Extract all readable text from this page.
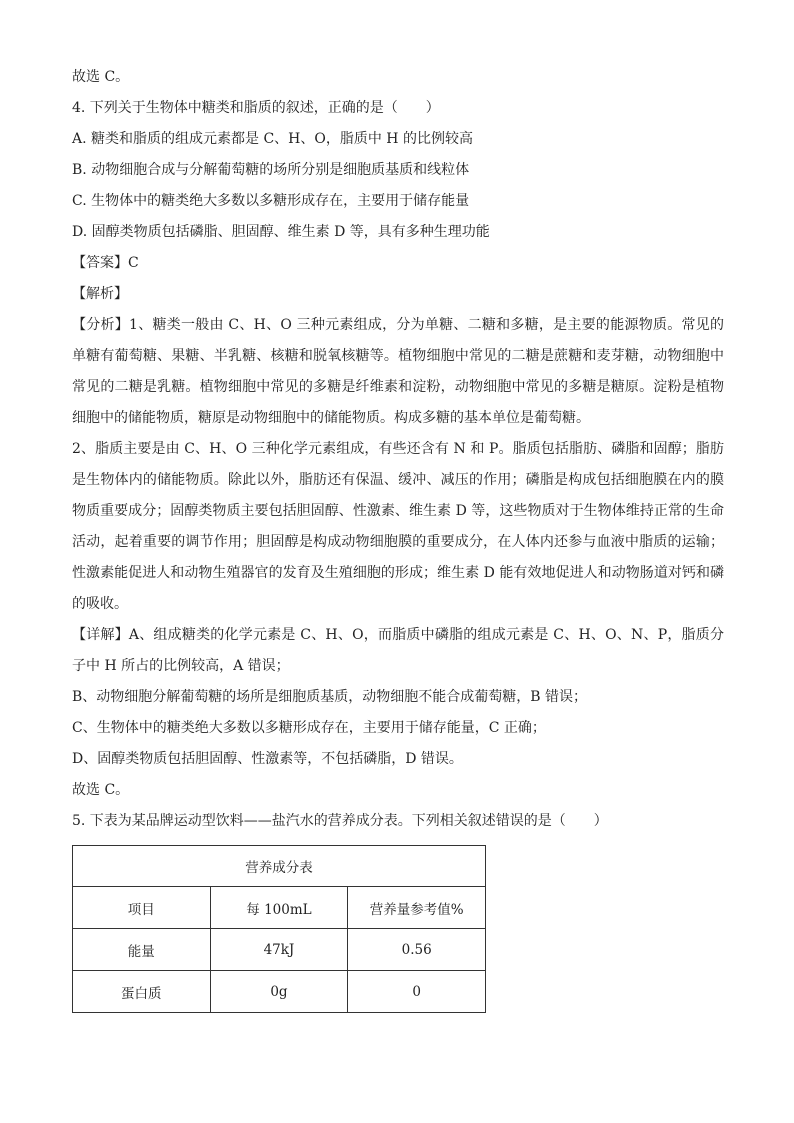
故选 C。
4. 下列关于生物体中糖类和脂质的叙述，正确的是（　　）
A. 糖类和脂质的组成元素都是 C、H、O，脂质中 H 的比例较高
B. 动物细胞合成与分解葡萄糖的场所分别是细胞质基质和线粒体
C. 生物体中的糖类绝大多数以多糖形成存在，主要用于储存能量
D. 固醇类物质包括磷脂、胆固醇、维生素 D 等，具有多种生理功能
【答案】C
【解析】

【分析】1、糖类一般由 C、H、O 三种元素组成，分为单糖、二糖和多糖，是主要的能源物质。常见的单糖有葡萄糖、果糖、半乳糖、核糖和脱氧核糖等。植物细胞中常见的二糖是蔗糖和麦芽糖，动物细胞中常见的二糖是乳糖。植物细胞中常见的多糖是纤维素和淀粉，动物细胞中常见的多糖是糖原。淀粉是植物细胞中的储能物质，糖原是动物细胞中的储能物质。构成多糖的基本单位是葡萄糖。

2、脂质主要是由 C、H、O 三种化学元素组成，有些还含有 N 和 P。脂质包括脂肪、磷脂和固醇；脂肪是生物体内的储能物质。除此以外，脂肪还有保温、缓冲、减压的作用；磷脂是构成包括细胞膜在内的膜物质重要成分；固醇类物质主要包括胆固醇、性激素、维生素 D 等，这些物质对于生物体维持正常的生命活动，起着重要的调节作用；胆固醇是构成动物细胞膜的重要成分，在人体内还参与血液中脂质的运输；性激素能促进人和动物生殖器官的发育及生殖细胞的形成；维生素 D 能有效地促进人和动物肠道对钙和磷的吸收。

【详解】A、组成糖类的化学元素是 C、H、O，而脂质中磷脂的组成元素是 C、H、O、N、P，脂质分子中 H 所占的比例较高，A 错误；

B、动物细胞分解葡萄糖的场所是细胞质基质，动物细胞不能合成葡萄糖，B 错误；
C、生物体中的糖类绝大多数以多糖形成存在，主要用于储存能量，C 正确；
D、固醇类物质包括胆固醇、性激素等，不包括磷脂，D 错误。
故选 C。
5. 下表为某品牌运动型饮料——盐汽水的营养成分表。下列相关叙述错误的是（　　）
营养成分表		
项目	每 100mL	营养量参考值%
能量	47kJ	0.56
蛋白质	0g	0
